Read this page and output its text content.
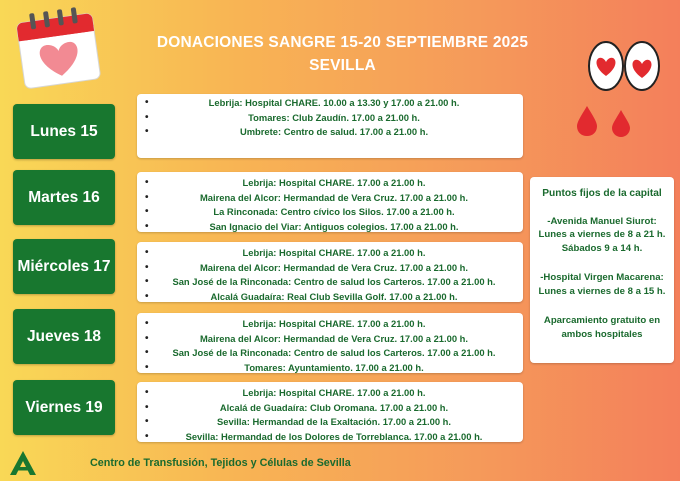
DONACIONES SANGRE 15-20 SEPTIEMBRE 2025
SEVILLA
Lunes 15
Martes 16
Miércoles 17
Jueves 18
Viernes 19
• Lebrija: Hospital CHARE. 10.00 a 13.30 y 17.00 a 21.00 h.
• Tomares: Club Zaudín. 17.00 a 21.00 h.
• Umbrete: Centro de salud. 17.00 a 21.00 h.
• Lebrija: Hospital CHARE. 17.00 a 21.00 h.
• Mairena del Alcor: Hermandad de Vera Cruz. 17.00 a 21.00 h.
• La Rinconada: Centro cívico los Silos. 17.00 a 21.00 h.
• San Ignacio del Viar: Antiguos colegios. 17.00 a 21.00 h.
• Lebrija: Hospital CHARE. 17.00 a 21.00 h.
• Mairena del Alcor: Hermandad de Vera Cruz. 17.00 a 21.00 h.
• San José de la Rinconada: Centro de salud los Carteros. 17.00 a 21.00 h.
• Alcalá Guadaíra: Real Club Sevilla Golf. 17.00 a 21.00 h.
• Lebrija: Hospital CHARE. 17.00 a 21.00 h.
• Mairena del Alcor: Hermandad de Vera Cruz. 17.00 a 21.00 h.
• San José de la Rinconada: Centro de salud los Carteros. 17.00 a 21.00 h.
• Tomares: Ayuntamiento. 17.00 a 21.00 h.
• Lebrija: Hospital CHARE. 17.00 a 21.00 h.
• Alcalá de Guadaíra: Club Oromana. 17.00 a 21.00 h.
• Sevilla: Hermandad de la Exaltación. 17.00 a 21.00 h.
• Sevilla: Hermandad de los Dolores de Torreblanca. 17.00 a 21.00 h.
Puntos fijos de la capital
-Avenida Manuel Siurot:
Lunes a viernes de 8 a 21 h.
Sábados 9 a 14 h.
-Hospital Virgen Macarena:
Lunes a viernes de 8 a 15 h.
Aparcamiento gratuito en
ambos hospitales
Centro de Transfusión, Tejidos y Células de Sevilla
